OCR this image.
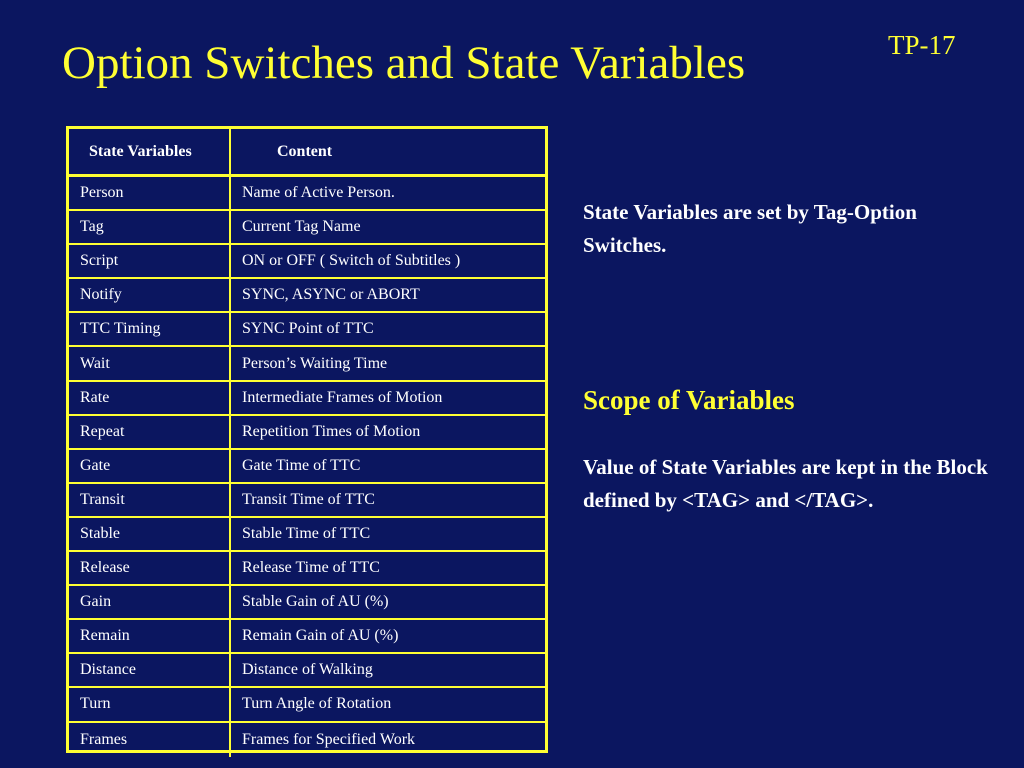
TP-17
Option Switches and State Variables
State Variables	Content
Person	Name of Active Person.
Tag	Current Tag Name
Script	ON or OFF ( Switch of Subtitles )
Notify	SYNC, ASYNC or ABORT
TTC Timing	SYNC Point of TTC
Wait	Person’s Waiting Time
Rate	Intermediate Frames of Motion
Repeat	Repetition Times of Motion
Gate	Gate Time of TTC
Transit	Transit Time of TTC
Stable	Stable Time of TTC
Release	Release Time of TTC
Gain	Stable Gain of AU (%)
Remain	Remain Gain of AU (%)
Distance	Distance of Walking
Turn	Turn Angle of Rotation
Frames	Frames for Specified Work
State Variables are set by Tag-Option Switches.
Scope of Variables
Value of State Variables are kept in the Block defined by <TAG> and </TAG>.
